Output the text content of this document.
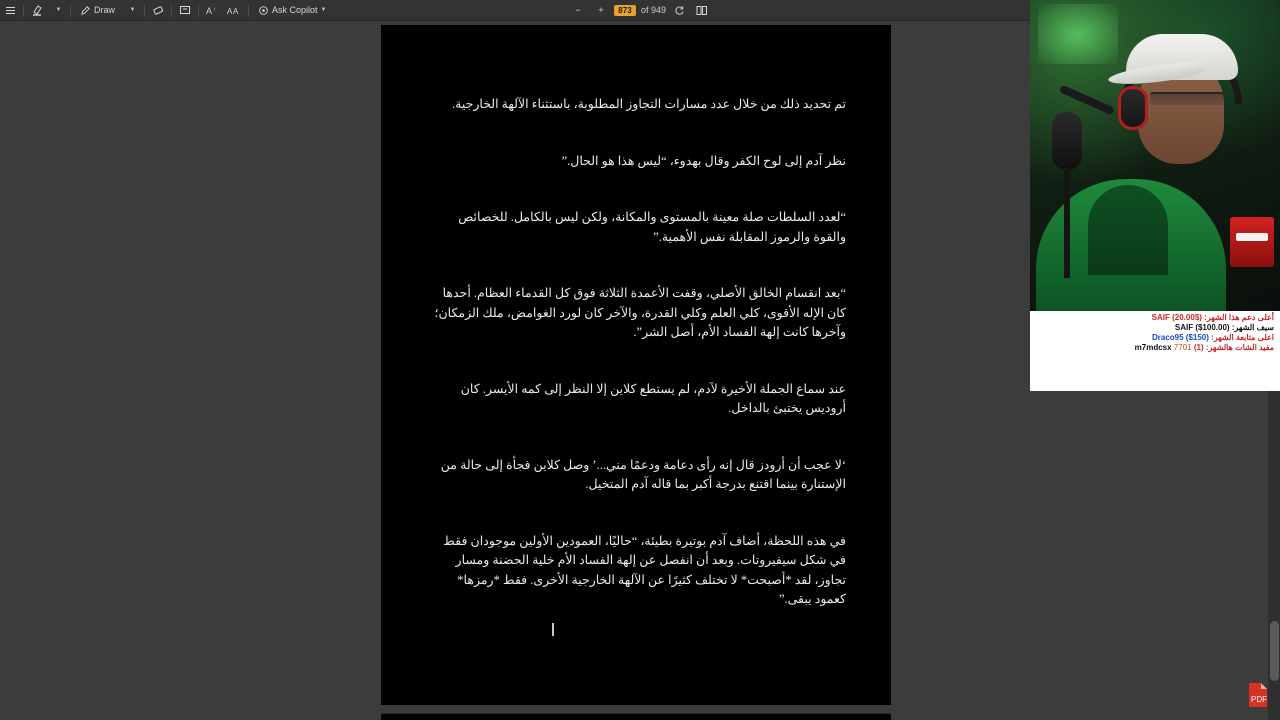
▼	Draw ▼	A ↑ A A	Ask Copilot ▼	− +	873	of 949

تم تحديد ذلك من خلال عدد مسارات التجاوز المطلوبة، باستثناء الآلهة الخارجية.

نظر آدم إلى لوح الكفر وقال بهدوء، “ليس هذا هو الحال.”

“لعدد السلطات صلة معينة بالمستوى والمكانة، ولكن ليس بالكامل. للخصائص والقوة والرموز المقابلة نفس الأهمية.”

“بعد انقسام الخالق الأصلي، وقفت الأعمدة الثلاثة فوق كل القدماء العظام. أحدها كان الإله الأقوى، كلي العلم وكلي القدرة، والآخر كان لورد الغوامض، ملك الزمكان؛ وآخرها كانت إلهة الفساد الأم، أصل الشر”.

عند سماع الجملة الأخيرة لآدم، لم يستطع كلاين إلا النظر إلى كمه الأيسر. كان أروديس يختبئ بالداخل.

‘لا عجب أن أرودز قال إنه رأى دعامة ودعمًا مني...’ وصل كلاين فجأة إلى حالة من الإستنارة بينما اقتنع بدرجة أكبر بما قاله آدم المتخيل.

في هذه اللحظة، أضاف آدم بوتيرة بطيئة، “حاليًا، العمودين الأولين موجودان فقط في شكل سيفيروتات. وبعد أن انفصل عن إلهة الفساد الأم خلية الحضنة ومسار تجاوز، لقد *أصبحت* لا تختلف كثيرًا عن الآلهة الخارجية الأخرى. فقط *رمزها* كعمود يبقى.”

PDF
أعلى دعم هذا الشهر: ($20.00) SAIF
سيف الشهر: SAIF ($100.00)
اعلى متابعة الشهر: Draco95 ($150)
مفيد الشات هالشهر: (1) m7mdcsx 7701
